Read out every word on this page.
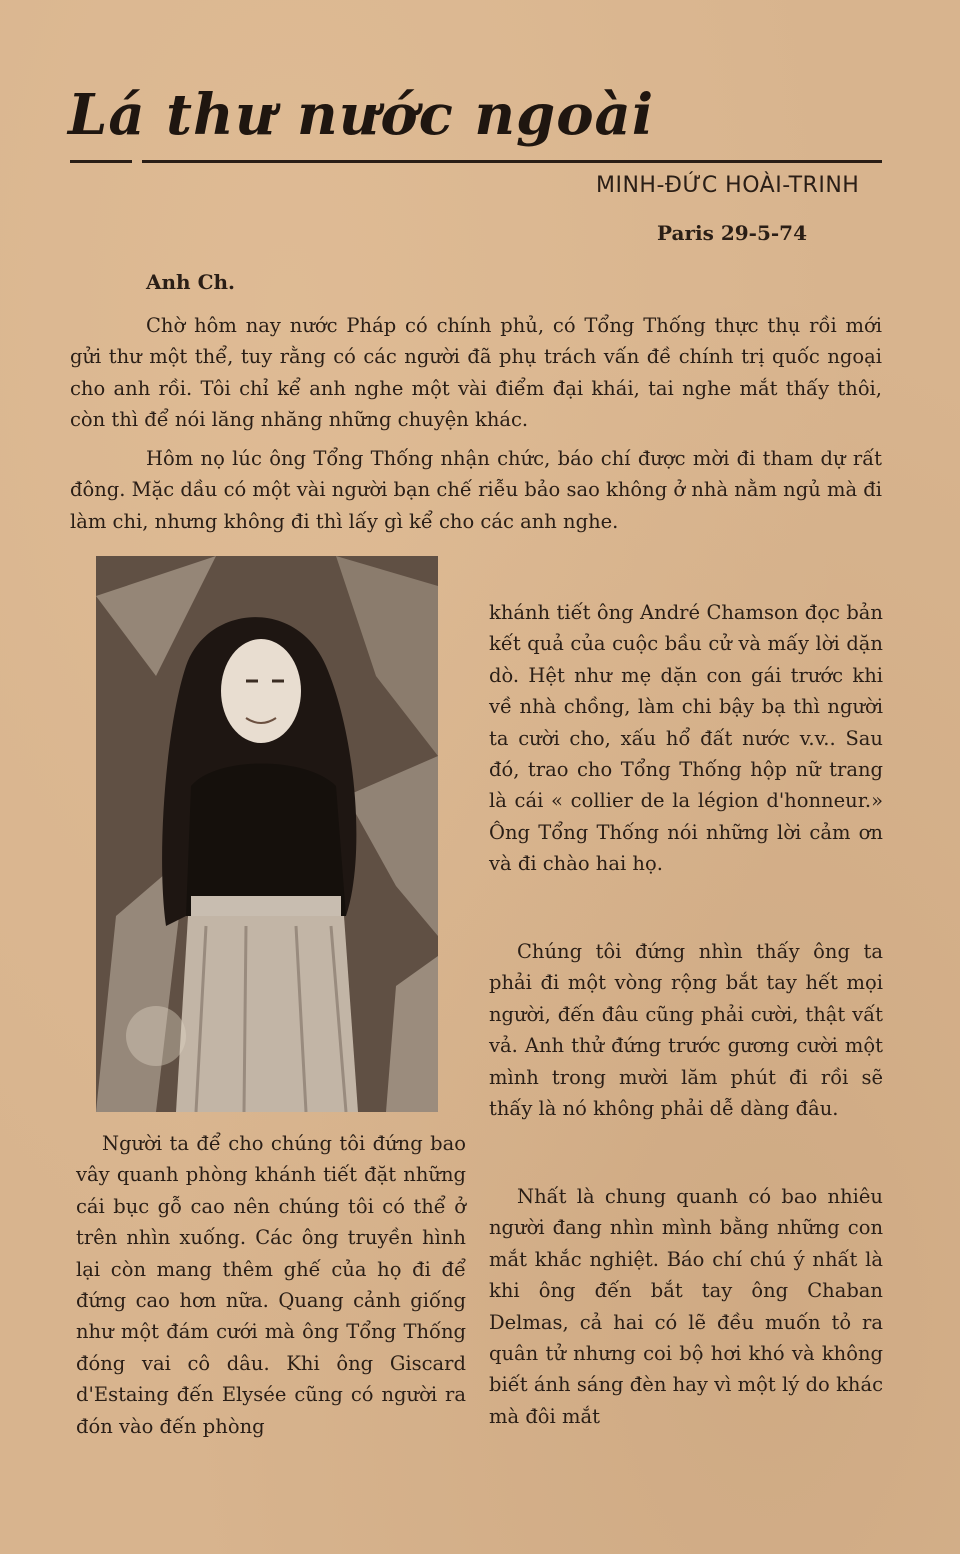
Lá thư nước ngoài
MINH-ĐỨC HOÀI-TRINH
Paris 29-5-74
Anh Ch.

Chờ hôm nay nước Pháp có chính phủ, có Tổng Thống thực thụ rồi mới gửi thư một thể, tuy rằng có các người đã phụ trách vấn đề chính trị quốc ngoại cho anh rồi. Tôi chỉ kể anh nghe một vài điểm đại khái, tai nghe mắt thấy thôi, còn thì để nói lăng nhăng những chuyện khác.

Hôm nọ lúc ông Tổng Thống nhận chức, báo chí được mời đi tham dự rất đông. Mặc dầu có một vài người bạn chế riễu bảo sao không ở nhà nằm ngủ mà đi làm chi, nhưng không đi thì lấy gì kể cho các anh nghe.

khánh tiết ông André Chamson đọc bản kết quả của cuộc bầu cử và mấy lời dặn dò. Hệt như mẹ dặn con gái trước khi về nhà chồng, làm chi bậy bạ thì người ta cười cho, xấu hổ đất nước v.v.. Sau đó, trao cho Tổng Thống hộp nữ trang là cái « collier de la légion d'honneur.» Ông Tổng Thống nói những lời cảm ơn và đi chào hai họ.

Chúng tôi đứng nhìn thấy ông ta phải đi một vòng rộng bắt tay hết mọi người, đến đâu cũng phải cười, thật vất vả. Anh thử đứng trước gương cười một mình trong mười lăm phút đi rồi sẽ thấy là nó không phải dễ dàng đâu.

Nhất là chung quanh có bao nhiêu người đang nhìn mình bằng những con mắt khắc nghiệt. Báo chí chú ý nhất là khi ông đến bắt tay ông Chaban Delmas, cả hai có lẽ đều muốn tỏ ra quân tử nhưng coi bộ hơi khó và không biết ánh sáng đèn hay vì một lý do khác mà đôi mắt

Người ta để cho chúng tôi đứng bao vây quanh phòng khánh tiết đặt những cái bục gỗ cao nên chúng tôi có thể ở trên nhìn xuống. Các ông truyền hình lại còn mang thêm ghế của họ đi để đứng cao hơn nữa. Quang cảnh giống như một đám cưới mà ông Tổng Thống đóng vai cô dâu. Khi ông Giscard d'Estaing đến Elysée cũng có người ra đón vào đến phòng
